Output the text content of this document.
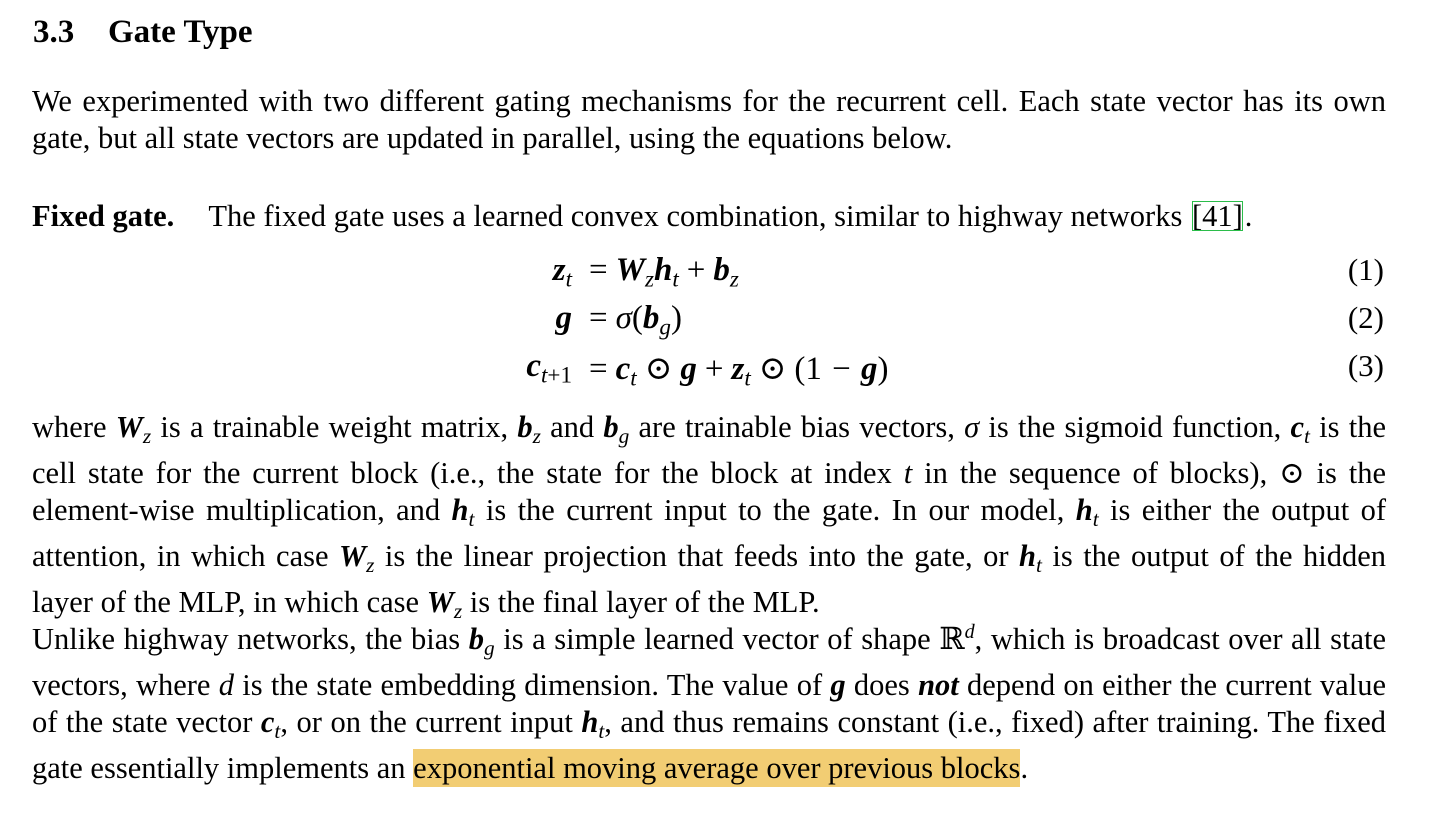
3.3 Gate Type
We experimented with two different gating mechanisms for the recurrent cell. Each state vector has its own gate, but all state vectors are updated in parallel, using the equations below.
Fixed gate. The fixed gate uses a learned convex combination, similar to highway networks [41].
$z_t = W_zh_t + b_z$	(1)
$g = \sigma(b_g)$	(2)
$c_{t+1} = c_t$ ⊙ $g + z_t$ ⊙ (1 − g)	(3)
where $W_z$ is a trainable weight matrix, $b_z$ and $b_g$ are trainable bias vectors, σ is the sigmoid function, $c_t$ is the cell state for the current block (i.e., the state for the block at index t in the sequence of blocks), ⊙ is the element-wise multiplication, and $h_t$ is the current input to the gate. In our model, $h_t$ is either the output of attention, in which case $W_z$ is the linear projection that feeds into the gate, or $h_t$ is the output of the hidden layer of the MLP, in which case $W_z$ is the final layer of the MLP.
Unlike highway networks, the bias $b_g$ is a simple learned vector of shape ℝ$^d$, which is broadcast over all state vectors, where d is the state embedding dimension. The value of g does not depend on either the current value of the state vector $c_t$, or on the current input $h_t$, and thus remains constant (i.e., fixed) after training. The fixed gate essentially implements an exponential moving average over previous blocks.
